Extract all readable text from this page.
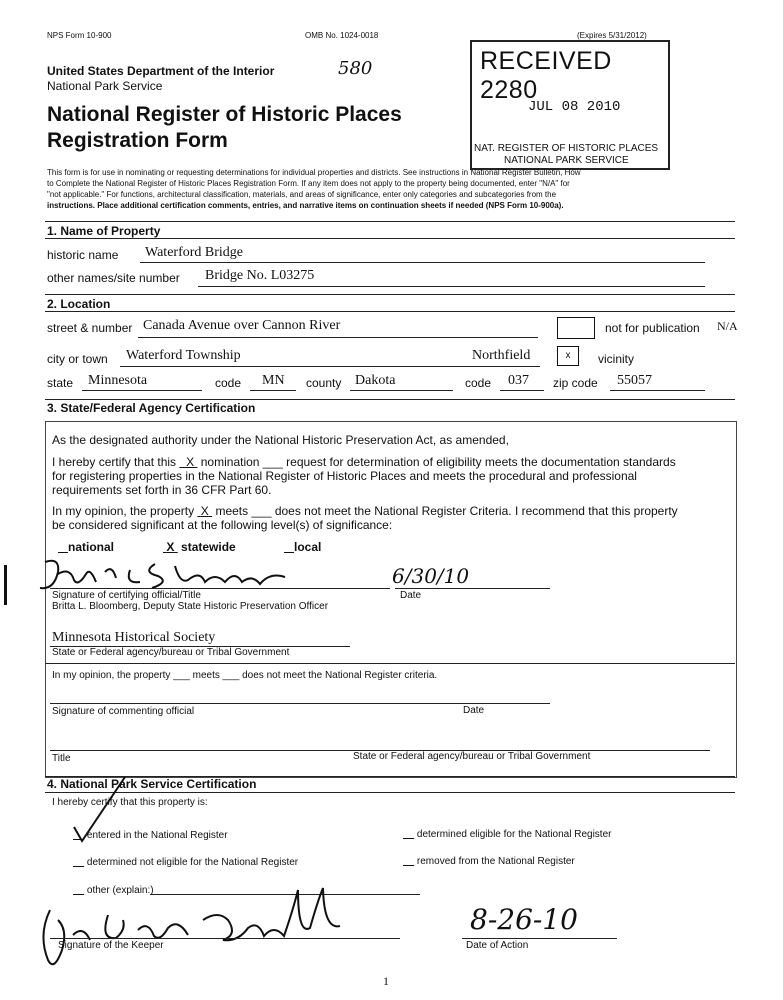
NPS Form 10-900	OMB No. 1024-0018	(Expires 5/31/2012)
United States Department of the Interior
National Park Service
580
National Register of Historic Places
Registration Form
RECEIVED 2280
JUL 08 2010
NAT. REGISTER OF HISTORIC PLACES
NATIONAL PARK SERVICE
This form is for use in nominating or requesting determinations for individual properties and districts. See instructions in National Register Bulletin, How
to Complete the National Register of Historic Places Registration Form. If any item does not apply to the property being documented, enter "N/A" for
"not applicable." For functions, architectural classification, materials, and areas of significance, enter only categories and subcategories from the
instructions. Place additional certification comments, entries, and narrative items on continuation sheets if needed (NPS Form 10-900a).
1. Name of Property
historic name Waterford Bridge
other names/site number Bridge No. L03275
2. Location
street & number Canada Avenue over Cannon River	not for publication N/A
city or town Waterford Township	Northfield	x	vicinity
state Minnesota	code MN county Dakota	code 037 zip code 55057
3. State/Federal Agency Certification
As the designated authority under the National Historic Preservation Act, as amended,
I hereby certify that this   X  nomination ___ request for determination of eligibility meets the documentation standards
for registering properties in the National Register of Historic Places and meets the procedural and professional
requirements set forth in 36 CFR Part 60.
In my opinion, the property  X  meets ___ does not meet the National Register Criteria. I recommend that this property
be considered significant at the following level(s) of significance:
national	X statewide	local
6/30/10
Signature of certifying official/Title	Date
Britta L. Bloomberg, Deputy State Historic Preservation Officer
Minnesota Historical Society
State or Federal agency/bureau or Tribal Government
In my opinion, the property ___ meets ___ does not meet the National Register criteria.
Signature of commenting official	Date
Title	State or Federal agency/bureau or Tribal Government
4. National Park Service Certification
I hereby certify that this property is:
entered in the National Register	determined eligible for the National Register
determined not eligible for the National Register	removed from the National Register
other (explain:)
8-26-10
Signature of the Keeper	Date of Action
1
